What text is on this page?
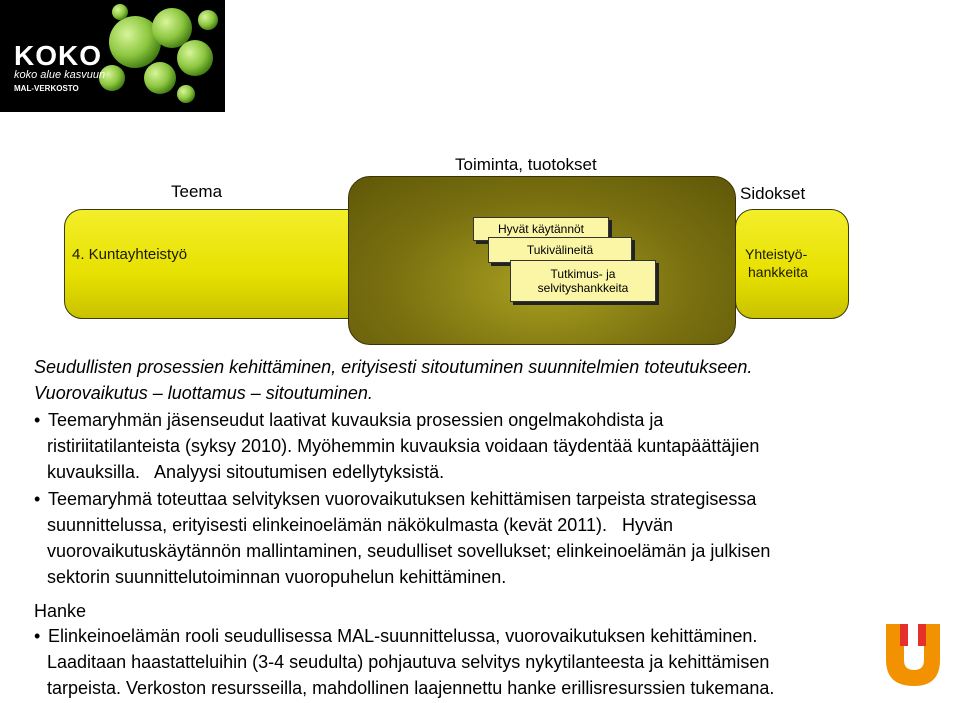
KOKO
koko alue kasvuun
MAL-VERKOSTO
Teema
Toiminta, tuotokset
Sidokset
4. Kuntayhteistyö	Yhteistyö-
hankkeita
Hyvät käytännöt
Tukivälineitä
Tutkimus- ja
selvityshankkeita
Seudullisten prosessien kehittäminen, erityisesti sitoutuminen suunnitelmien toteutukseen.
Vuorovaikutus – luottamus – sitoutuminen.
• Teemaryhmän jäsenseudut laativat kuvauksia prosessien ongelmakohdista ja
ristiriitatilanteista (syksy 2010). Myöhemmin kuvauksia voidaan täydentää kuntapäättäjien
kuvauksilla.   Analyysi sitoutumisen edellytyksistä.
• Teemaryhmä toteuttaa selvityksen vuorovaikutuksen kehittämisen tarpeista strategisessa
suunnittelussa, erityisesti elinkeinoelämän näkökulmasta (kevät 2011).   Hyvän
vuorovaikutuskäytännön mallintaminen, seudulliset sovellukset; elinkeinoelämän ja julkisen
sektorin suunnittelutoiminnan vuoropuhelun kehittäminen.
Hanke
• Elinkeinoelämän rooli seudullisessa MAL-suunnittelussa, vuorovaikutuksen kehittäminen.
Laaditaan haastatteluihin (3-4 seudulta) pohjautuva selvitys nykytilanteesta ja kehittämisen
tarpeista. Verkoston resursseilla, mahdollinen laajennettu hanke erillisresurssien tukemana.
